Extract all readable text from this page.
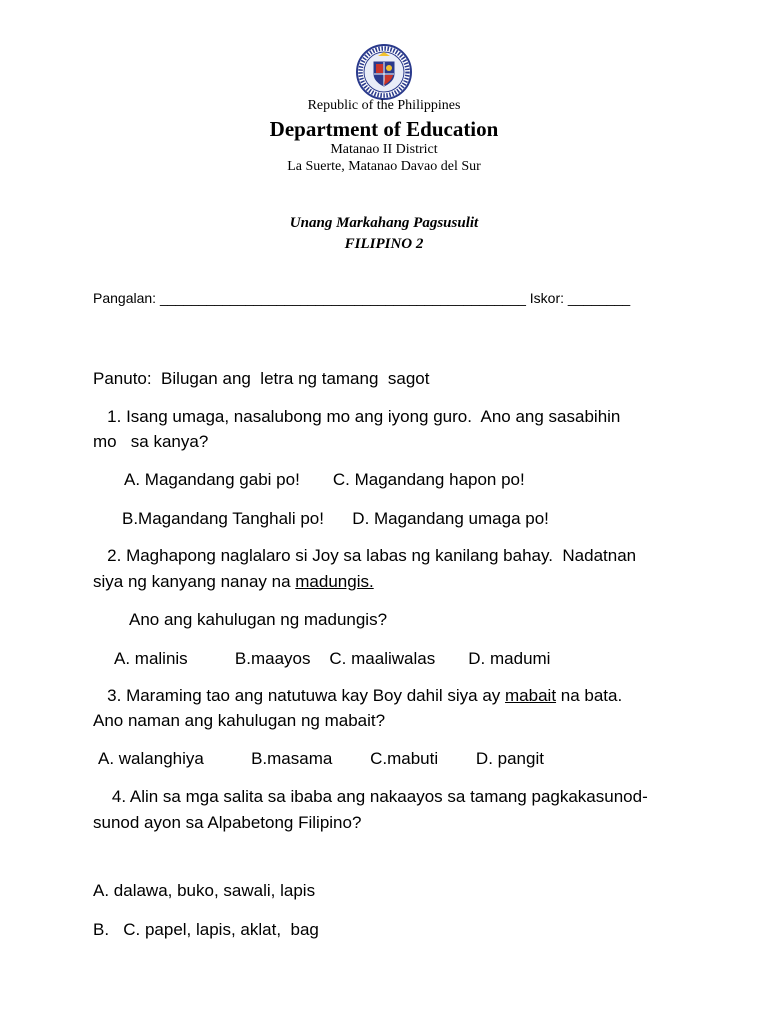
Republic of the Philippines
Department of Education
Matanao II District
La Suerte, Matanao Davao del Sur
Unang Markahang Pagsusulit
FILIPINO 2
Pangalan: _______________________________________________ Iskor: ________
Panuto:  Bilugan ang  letra ng tamang  sagot
1. Isang umaga, nasalubong mo ang iyong guro.  Ano ang sasabihin
mo   sa kanya?
A. Magandang gabi po!       C. Magandang hapon po!
B.Magandang Tanghali po!      D. Magandang umaga po!
2. Maghapong naglalaro si Joy sa labas ng kanilang bahay.  Nadatnan
siya ng kanyang nanay na madungis.
Ano ang kahulugan ng madungis?
A. malinis          B.maayos    C. maaliwalas       D. madumi
3. Maraming tao ang natutuwa kay Boy dahil siya ay mabait na bata.
Ano naman ang kahulugan ng mabait?
A. walanghiya          B.masama        C.mabuti        D. pangit
4. Alin sa mga salita sa ibaba ang nakaayos sa tamang pagkakasunod-
sunod ayon sa Alpabetong Filipino?
A. dalawa, buko, sawali, lapis
B.   C. papel, lapis, aklat,  bag
